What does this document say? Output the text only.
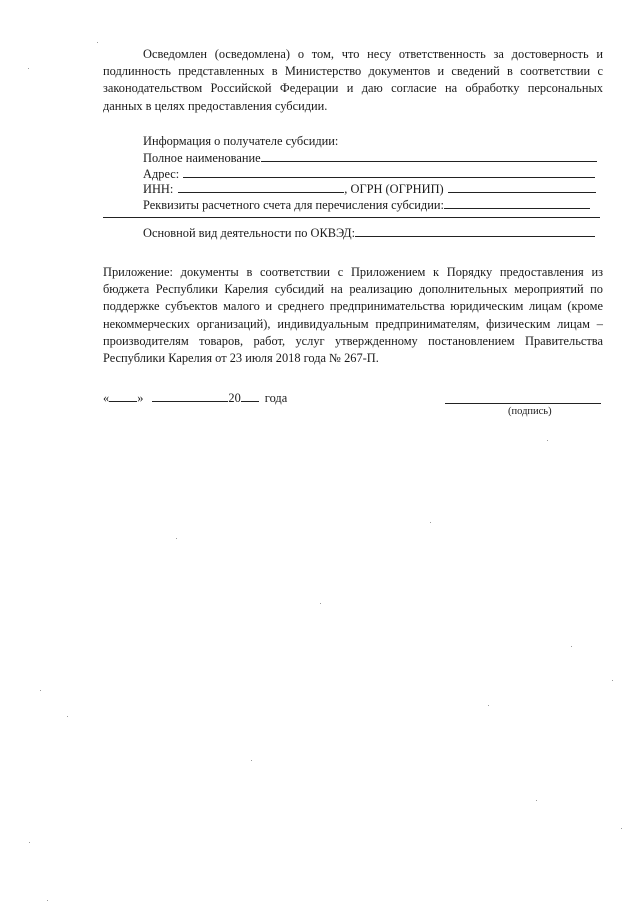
Осведомлен (осведомлена) о том, что несу ответственность за достоверность и подлинность представленных в Министерство документов и сведений в соответствии с законодательством Российской Федерации и даю согласие на обработку персональных данных в целях предоставления субсидии.
Информация о получателе субсидии:
Полное наименование
Адрес:
ИНН:	, ОГРН (ОГРНИП)
Реквизиты расчетного счета для перечисления субсидии:
Основной вид деятельности по ОКВЭД:
Приложение: документы в соответствии с Приложением к Порядку предоставления из бюджета Республики Карелия субсидий на реализацию дополнительных мероприятий по поддержке субъектов малого и среднего предпринимательства юридическим лицам (кроме некоммерческих организаций), индивидуальным предпринимателям, физическим лицам – производителям товаров, работ, услуг утвержденному постановлением Правительства Республики Карелия от 23 июля 2018 года № 267-П.
« »	20 года
(подпись)
